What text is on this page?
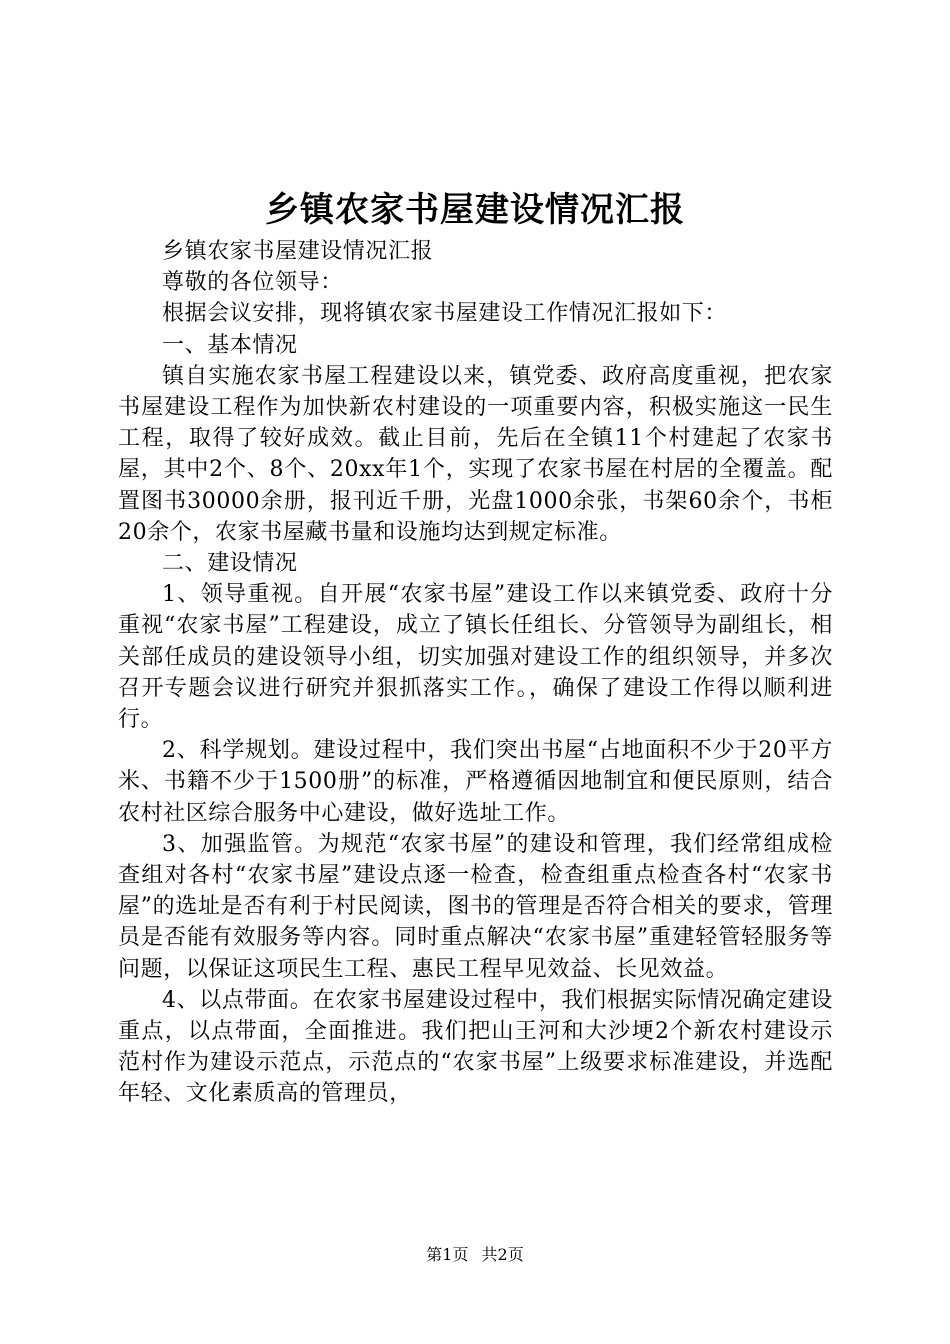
乡镇农家书屋建设情况汇报

乡镇农家书屋建设情况汇报

尊敬的各位领导：

根据会议安排，现将镇农家书屋建设工作情况汇报如下：

一、基本情况

镇自实施农家书屋工程建设以来，镇党委、政府高度重视，把农家书屋建设工程作为加快新农村建设的一项重要内容，积极实施这一民生工程，取得了较好成效。截止目前，先后在全镇11个村建起了农家书屋，其中2个、8个、20xx年1个，实现了农家书屋在村居的全覆盖。配置图书30000余册，报刊近千册，光盘1000余张，书架60余个，书柜20余个，农家书屋藏书量和设施均达到规定标准。

二、建设情况

1、领导重视。自开展“农家书屋”建设工作以来镇党委、政府十分重视“农家书屋”工程建设，成立了镇长任组长、分管领导为副组长，相关部任成员的建设领导小组，切实加强对建设工作的组织领导，并多次召开专题会议进行研究并狠抓落实工作。，确保了建设工作得以顺利进行。

2、科学规划。建设过程中，我们突出书屋“占地面积不少于20平方米、书籍不少于1500册”的标准，严格遵循因地制宜和便民原则，结合农村社区综合服务中心建设，做好选址工作。

3、加强监管。为规范“农家书屋”的建设和管理，我们经常组成检查组对各村“农家书屋”建设点逐一检查，检查组重点检查各村“农家书屋”的选址是否有利于村民阅读，图书的管理是否符合相关的要求，管理员是否能有效服务等内容。同时重点解决“农家书屋”重建轻管轻服务等问题，以保证这项民生工程、惠民工程早见效益、长见效益。

4、以点带面。在农家书屋建设过程中，我们根据实际情况确定建设重点，以点带面，全面推进。我们把山王河和大沙埂2个新农村建设示范村作为建设示范点，示范点的“农家书屋”上级要求标准建设，并选配年轻、文化素质高的管理员，

第1页 共2页
